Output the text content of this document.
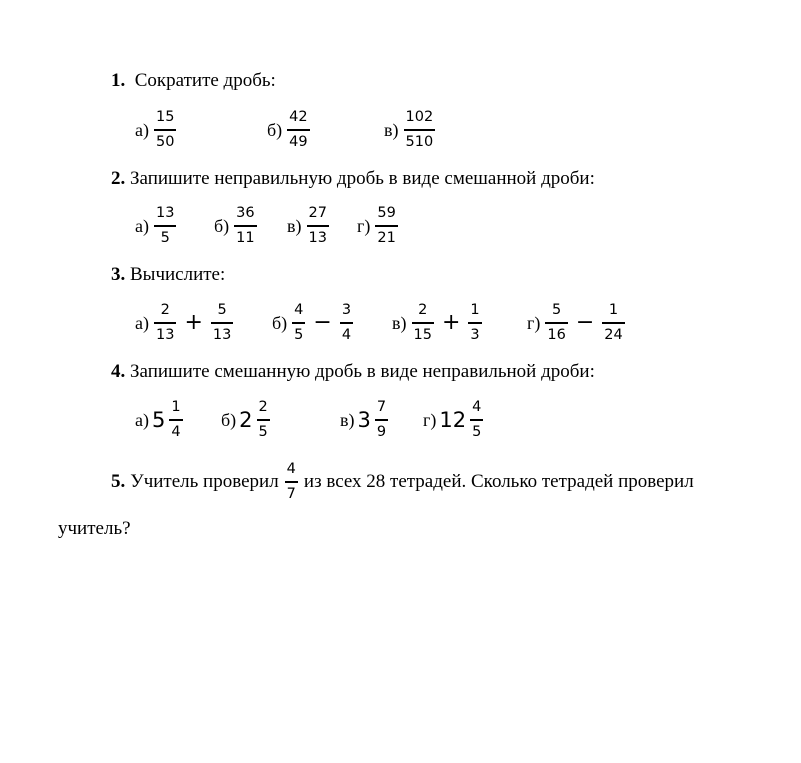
1. Сократите дробь:
$а) \frac{15}{50}$	$б) \frac{42}{49}$	$в) \frac{102}{510}$
2. Запишите неправильную дробь в виде смешанной дроби:
$а) \frac{13}{5} б) \frac{36}{11} в) \frac{27}{13} г) \frac{59}{21}$
3. Вычислите:
$а) \frac{2}{13} + \frac{5}{13} б) \frac{4}{5} - \frac{3}{4} в) \frac{2}{15} + \frac{1}{3}$	$г) \frac{5}{16} - \frac{1}{24}$
4. Запишите смешанную дробь в виде неправильной дроби:
а) $5 \frac{1}{4} б$) $2 \frac{2}{5}$	в) $3 \frac{7}{9} г$) $12 \frac{4}{5}$
5. Учитель проверил $\frac{4}{7}$ из всех 28 тетрадей. Сколько тетрадей проверил
учитель?
